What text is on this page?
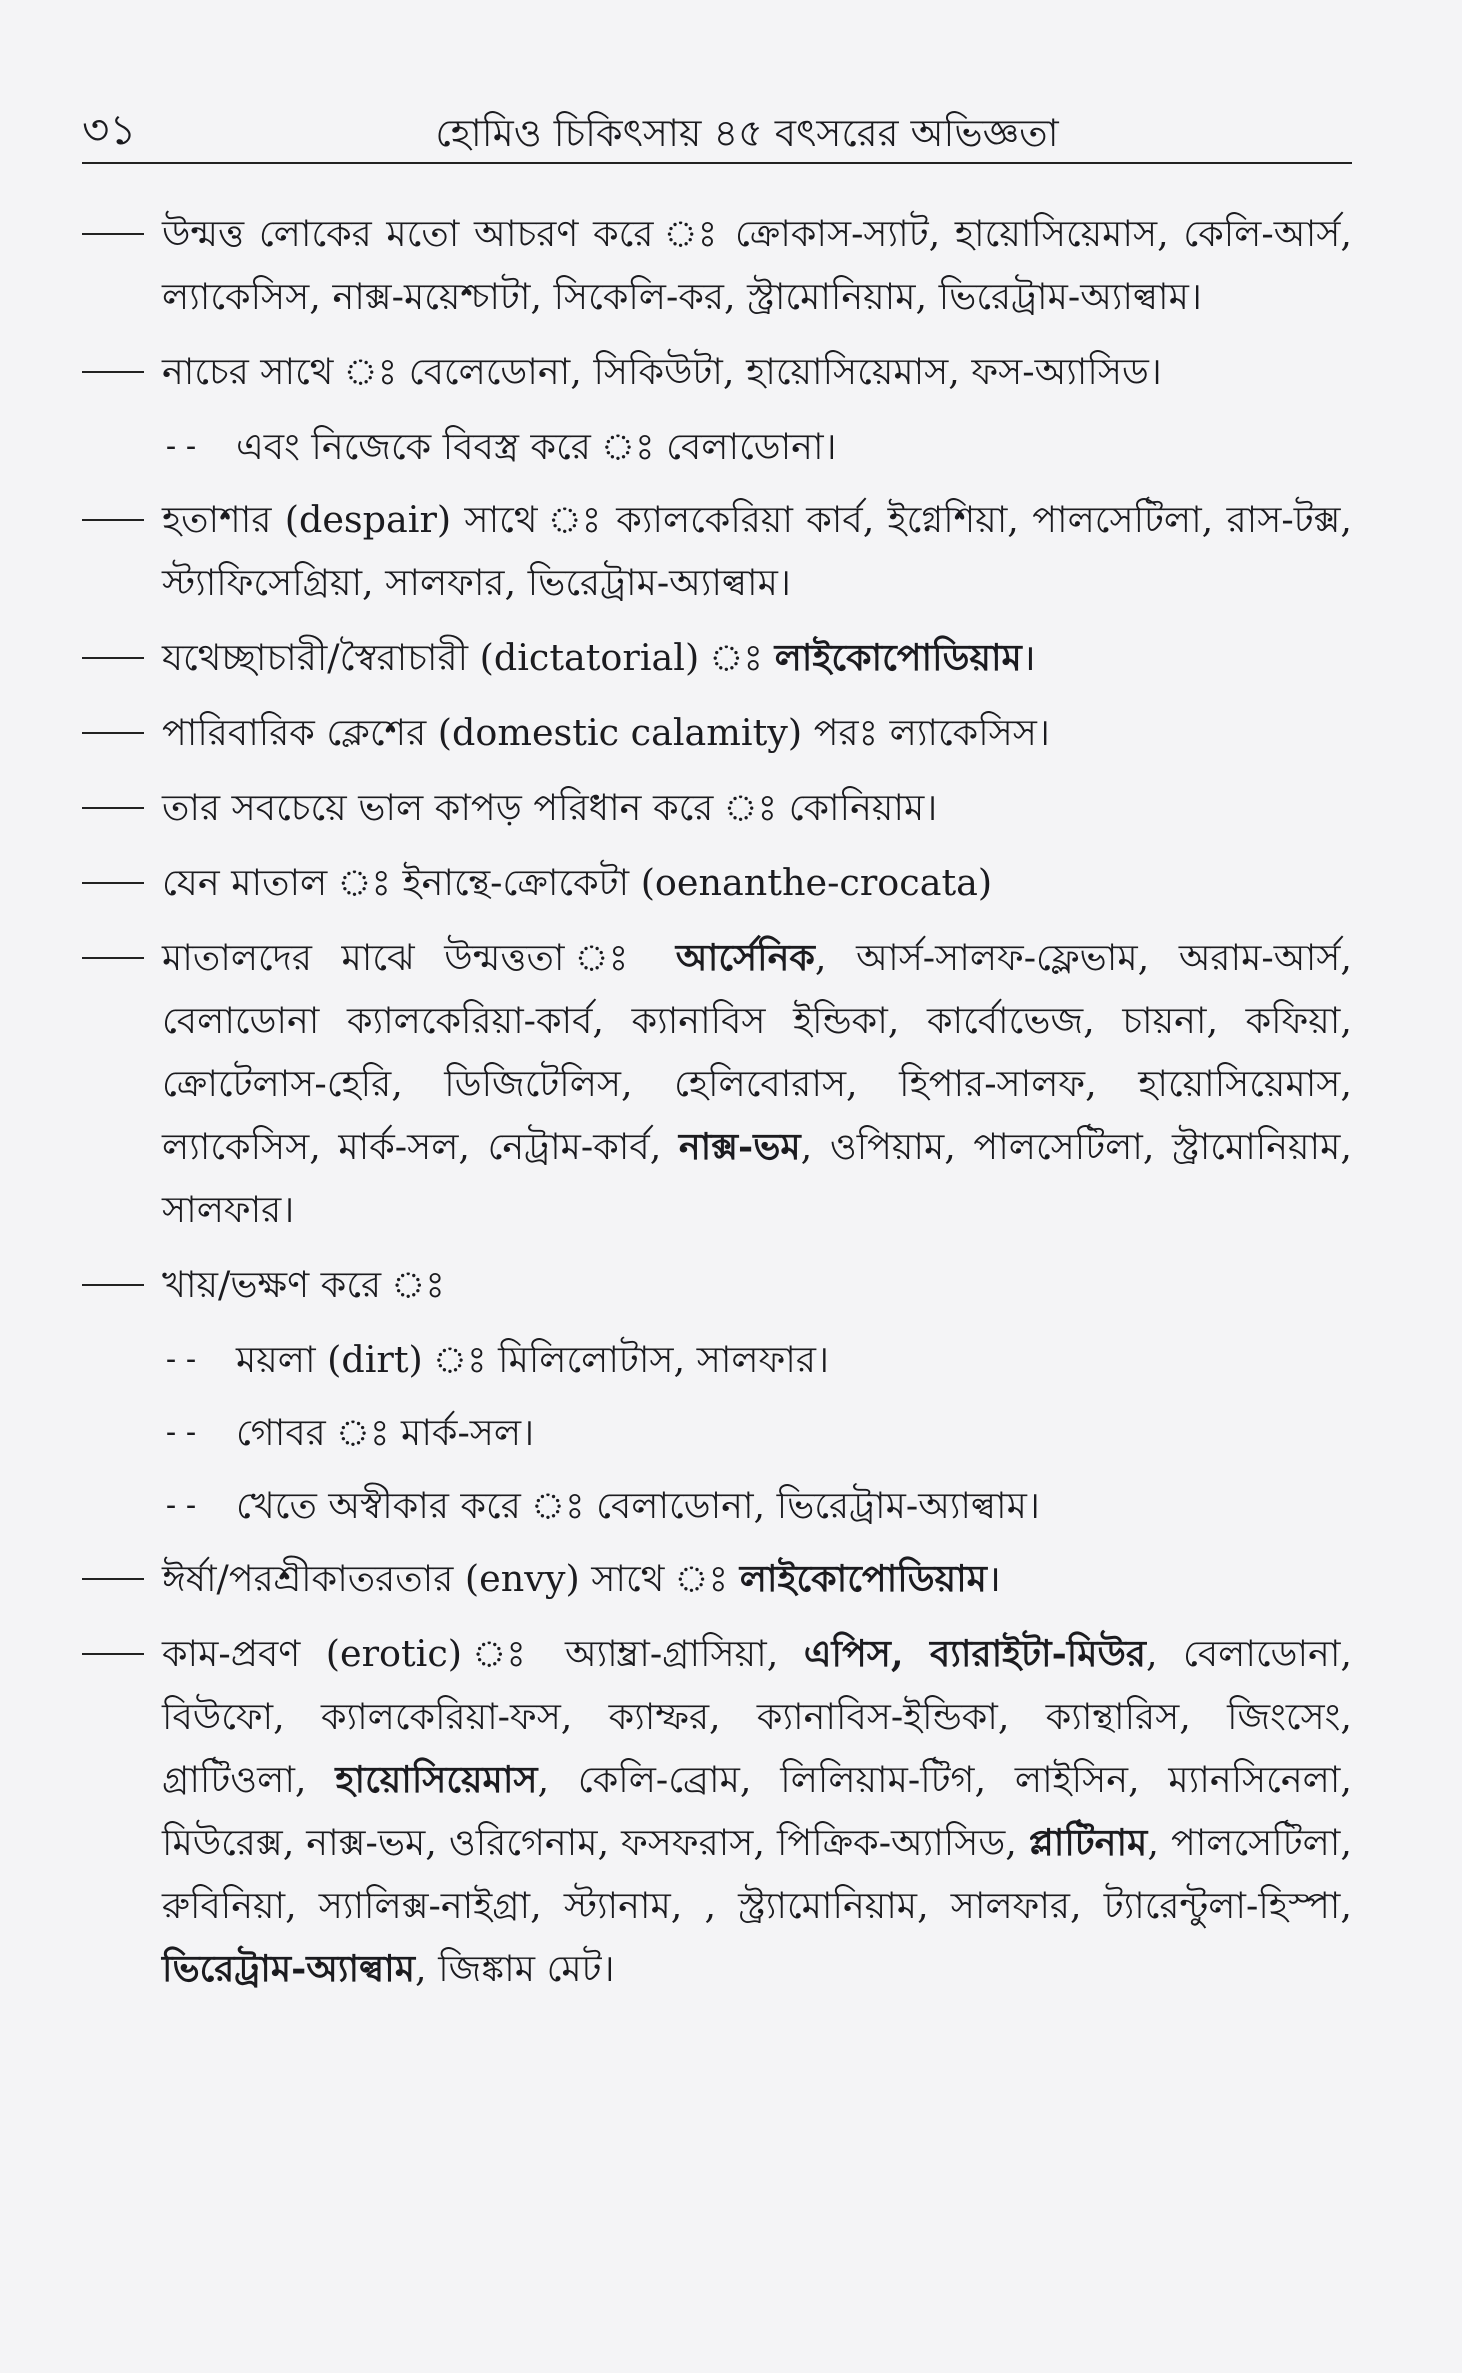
৩১	হোমিও চিকিৎসায় ৪৫ বৎসরের অভিজ্ঞতা
উন্মত্ত লোকের মতো আচরণ করে ঃ ক্রোকাস-স্যাট, হায়োসিয়েমাস, কেলি-আর্স, ল্যাকেসিস, নাক্স-ময়েশ্চাটা, সিকেলি-কর, স্ট্রামোনিয়াম, ভিরেট্রাম-অ্যাল্বাম।
নাচের সাথে ঃ বেলেডোনা, সিকিউটা, হায়োসিয়েমাস, ফস-অ্যাসিড।
-- এবং নিজেকে বিবস্ত্র করে ঃ বেলাডোনা।
হতাশার (despair) সাথে ঃ ক্যালকেরিয়া কার্ব, ইগ্নেশিয়া, পালসেটিলা, রাস-টক্স, স্ট্যাফিসেগ্রিয়া, সালফার, ভিরেট্রাম-অ্যাল্বাম।
যথেচ্ছাচারী/স্বৈরাচারী (dictatorial) ঃ লাইকোপোডিয়াম।
পারিবারিক ক্লেশের (domestic calamity) পরঃ ল্যাকেসিস।
তার সবচেয়ে ভাল কাপড় পরিধান করে ঃ কোনিয়াম।
যেন মাতাল ঃ ইনান্থে-ক্রোকেটা (oenanthe-crocata)
মাতালদের মাঝে উন্মত্ততা ঃ আর্সেনিক, আর্স-সালফ-ফ্লেভাম, অরাম-আর্স, বেলাডোনা ক্যালকেরিয়া-কার্ব, ক্যানাবিস ইন্ডিকা, কার্বোভেজ, চায়না, কফিয়া, ক্রোটেলাস-হেরি, ডিজিটেলিস, হেলিবোরাস, হিপার-সালফ, হায়োসিয়েমাস, ল্যাকেসিস, মার্ক-সল, নেট্রাম-কার্ব, নাক্স-ভম, ওপিয়াম, পালসেটিলা, স্ট্রামোনিয়াম, সালফার।
খায়/ভক্ষণ করে ঃ
-- ময়লা (dirt) ঃ মিলিলোটাস, সালফার।
-- গোবর ঃ মার্ক-সল।
-- খেতে অস্বীকার করে ঃ বেলাডোনা, ভিরেট্রাম-অ্যাল্বাম।
ঈর্ষা/পরশ্রীকাতরতার (envy) সাথে ঃ লাইকোপোডিয়াম।
কাম-প্রবণ (erotic) ঃ অ্যাম্ব্রা-গ্রাসিয়া, এপিস, ব্যারাইটা-মিউর, বেলাডোনা, বিউফো, ক্যালকেরিয়া-ফস, ক্যাম্ফর, ক্যানাবিস-ইন্ডিকা, ক্যান্থারিস, জিংসেং, গ্রাটিওলা, হায়োসিয়েমাস, কেলি-ব্রোম, লিলিয়াম-টিগ, লাইসিন, ম্যানসিনেলা, মিউরেক্স, নাক্স-ভম, ওরিগেনাম, ফসফরাস, পিক্রিক-অ্যাসিড, প্লাটিনাম, পালসেটিলা, রুবিনিয়া, স্যালিক্স-নাইগ্রা, স্ট্যানাম, , স্ট্র্যামোনিয়াম, সালফার, ট্যারেন্টুলা-হিস্পা, ভিরেট্রাম-অ্যাল্বাম, জিঙ্কাম মেট।
